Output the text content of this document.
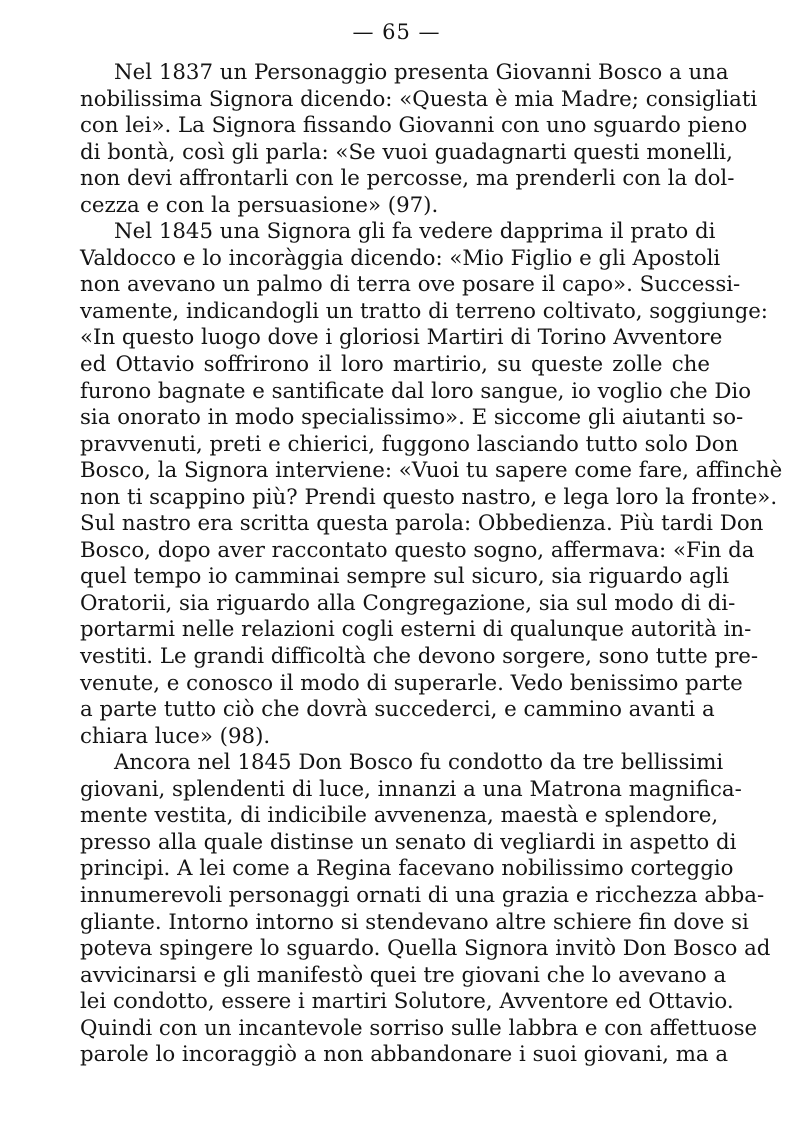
— 65 —
Nel 1837 un Personaggio presenta Giovanni Bosco a una
nobilissima Signora dicendo: «Questa è mia Madre; consigliati
con lei». La Signora fissando Giovanni con uno sguardo pieno
di bontà, così gli parla: «Se vuoi guadagnarti questi monelli,
non devi affrontarli con le percosse, ma prenderli con la dol-
cezza e con la persuasione» (97).
Nel 1845 una Signora gli fa vedere dapprima il prato di
Valdocco e lo incoràggia dicendo: «Mio Figlio e gli Apostoli
non avevano un palmo di terra ove posare il capo». Successi-
vamente, indicandogli un tratto di terreno coltivato, soggiunge:
«In questo luogo dove i gloriosi Martiri di Torino Avventore
ed Ottavio soffrirono il loro martirio, su queste zolle che
furono bagnate e santificate dal loro sangue, io voglio che Dio
sia onorato in modo specialissimo». E siccome gli aiutanti so-
pravvenuti, preti e chierici, fuggono lasciando tutto solo Don
Bosco, la Signora interviene: «Vuoi tu sapere come fare, affinchè
non ti scappino più? Prendi questo nastro, e lega loro la fronte».
Sul nastro era scritta questa parola: Obbedienza. Più tardi Don
Bosco, dopo aver raccontato questo sogno, affermava: «Fin da
quel tempo io camminai sempre sul sicuro, sia riguardo agli
Oratorii, sia riguardo alla Congregazione, sia sul modo di di-
portarmi nelle relazioni cogli esterni di qualunque autorità in-
vestiti. Le grandi difficoltà che devono sorgere, sono tutte pre-
venute, e conosco il modo di superarle. Vedo benissimo parte
a parte tutto ciò che dovrà succederci, e cammino avanti a
chiara luce» (98).
Ancora nel 1845 Don Bosco fu condotto da tre bellissimi
giovani, splendenti di luce, innanzi a una Matrona magnifica-
mente vestita, di indicibile avvenenza, maestà e splendore,
presso alla quale distinse un senato di vegliardi in aspetto di
principi. A lei come a Regina facevano nobilissimo corteggio
innumerevoli personaggi ornati di una grazia e ricchezza abba-
gliante. Intorno intorno si stendevano altre schiere fin dove si
poteva spingere lo sguardo. Quella Signora invitò Don Bosco ad
avvicinarsi e gli manifestò quei tre giovani che lo avevano a
lei condotto, essere i martiri Solutore, Avventore ed Ottavio.
Quindi con un incantevole sorriso sulle labbra e con affettuose
parole lo incoraggiò a non abbandonare i suoi giovani, ma a
